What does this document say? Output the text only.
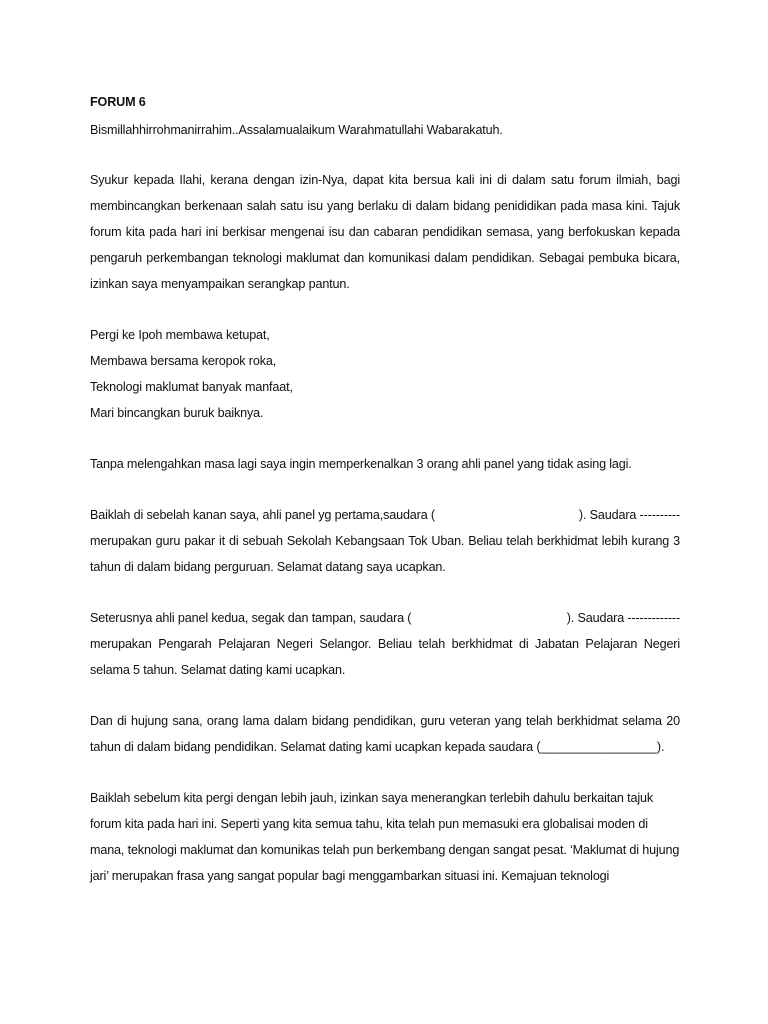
FORUM 6
Bismillahhirrohmanirrahim..Assalamualaikum Warahmatullahi Wabarakatuh.

Syukur kepada Ilahi, kerana dengan izin-Nya, dapat kita bersua kali ini di dalam satu forum ilmiah, bagi membincangkan berkenaan salah satu isu yang berlaku di dalam bidang penididikan pada masa kini. Tajuk forum kita pada hari ini berkisar mengenai isu dan cabaran pendidikan semasa, yang berfokuskan kepada pengaruh perkembangan teknologi maklumat dan komunikasi dalam pendidikan. Sebagai pembuka bicara, izinkan saya menyampaikan serangkap pantun.

Pergi ke Ipoh membawa ketupat,
Membawa bersama keropok roka,
Teknologi maklumat banyak manfaat,
Mari bincangkan buruk baiknya.

Tanpa melengahkan masa lagi saya ingin memperkenalkan 3 orang ahli panel yang tidak asing lagi.

Baiklah di sebelah kanan saya, ahli panel yg pertama,saudara (	). Saudara ----------
merupakan guru pakar it di sebuah Sekolah Kebangsaan Tok Uban. Beliau telah berkhidmat lebih kurang 3 tahun di dalam bidang perguruan. Selamat datang saya ucapkan.
Seterusnya ahli panel kedua, segak dan tampan, saudara (	). Saudara -------------
merupakan Pengarah Pelajaran Negeri Selangor. Beliau telah berkhidmat di Jabatan Pelajaran Negeri selama 5 tahun. Selamat dating kami ucapkan.

Dan di hujung sana, orang lama dalam bidang pendidikan, guru veteran yang telah berkhidmat selama 20 tahun di dalam bidang pendidikan. Selamat dating kami ucapkan kepada saudara (_________________).

Baiklah sebelum kita pergi dengan lebih jauh, izinkan saya menerangkan terlebih dahulu berkaitan tajuk forum kita pada hari ini. Seperti yang kita semua tahu, kita telah pun memasuki era globalisai moden di mana, teknologi maklumat dan komunikas telah pun berkembang dengan sangat pesat. ‘Maklumat di hujung jari’ merupakan frasa yang sangat popular bagi menggambarkan situasi ini. Kemajuan teknologi
